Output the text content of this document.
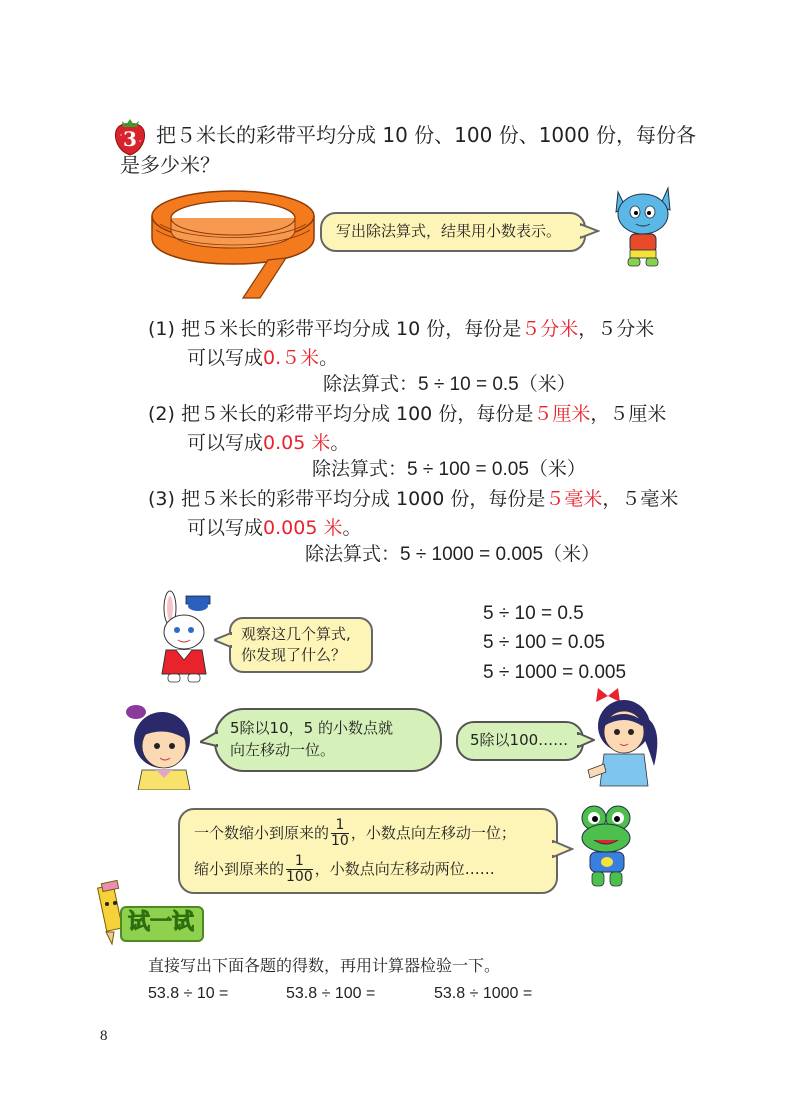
3 把５米长的彩带平均分成 10 份、100 份、1000 份，每份各
是多少米？
写出除法算式，结果用小数表示。
(1) 把５米长的彩带平均分成 10 份，每份是５分米，５分米
可以写成0.５米。
除法算式：5 ÷ 10 = 0.5（米）
(2) 把５米长的彩带平均分成 100 份，每份是５厘米，５厘米
可以写成0.05 米。
除法算式：5 ÷ 100 = 0.05（米）
(3) 把５米长的彩带平均分成 1000 份，每份是５毫米，５毫米
可以写成0.005 米。
除法算式：5 ÷ 1000 = 0.005（米）
观察这几个算式,
你发现了什么？
5 ÷ 10 = 0.5
5 ÷ 100 = 0.05
5 ÷ 1000 = 0.005
5除以10，5 的小数点就
向左移动一位。
5除以100……
一个数缩小到原来的 $\frac{1}{10}$ ，小数点向左移动一位；
缩小到原来的 $\frac{1}{100}$ ，小数点向左移动两位……
试一试
直接写出下面各题的得数，再用计算器检验一下。
53.8 ÷ 10 =	53.8 ÷ 100 =	53.8 ÷ 1000 =
8
